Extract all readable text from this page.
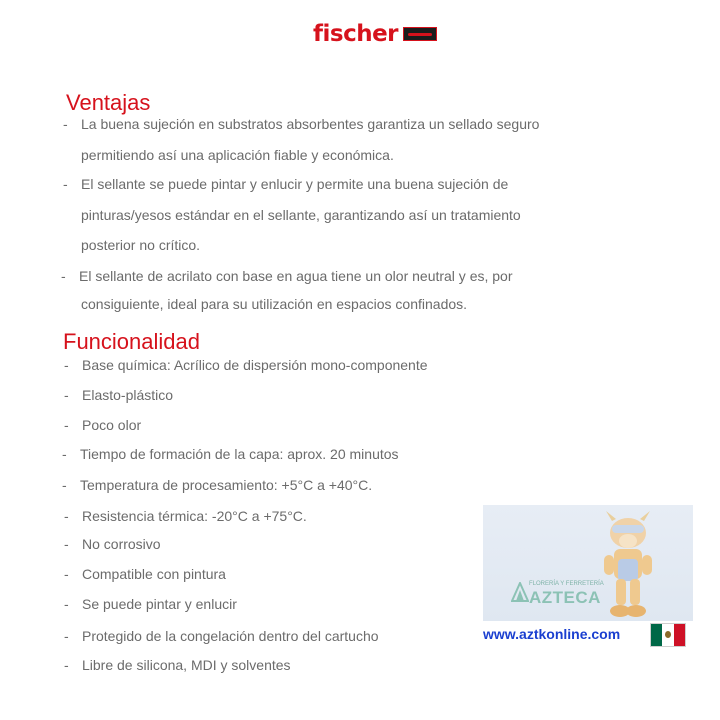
fischer
Ventajas
- La buena sujeción en substratos absorbentes garantiza un sellado seguro
permitiendo así una aplicación fiable y económica.
- El sellante se puede pintar y enlucir y permite una buena sujeción de
pinturas/yesos estándar en el sellante, garantizando así un tratamiento
posterior no crítico.
- El sellante de acrilato con base en agua tiene un olor neutral y es, por
consiguiente, ideal para su utilización en espacios confinados.
Funcionalidad
- Base química: Acrílico de dispersión mono-componente
- Elasto-plástico
- Poco olor
- Tiempo de formación de la capa: aprox. 20 minutos
- Temperatura de procesamiento: +5°C a +40°C.
- Resistencia térmica: -20°C a +75°C.
- No corrosivo
- Compatible con pintura
- Se puede pintar y enlucir
- Protegido de la congelación dentro del cartucho
- Libre de silicona, MDI y solventes
FLORERÍA Y FERRETERÍA
AZTECA
www.aztkonline.com
